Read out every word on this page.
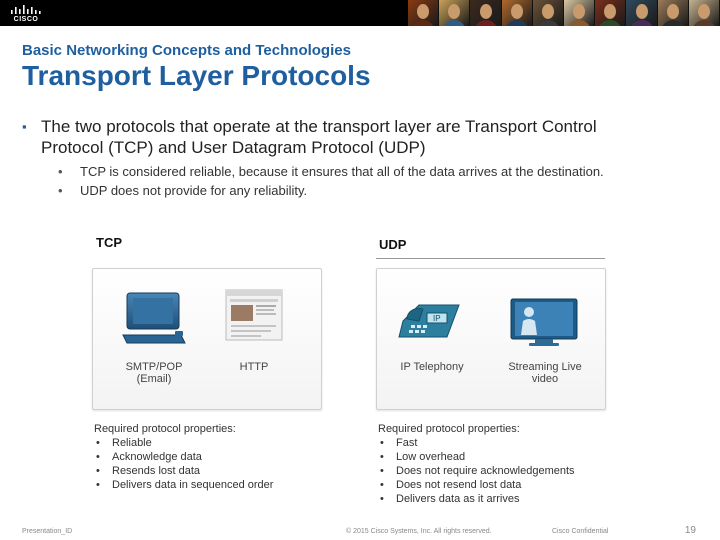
CISCO
Basic Networking Concepts and Technologies
Transport Layer Protocols
▪ The two protocols that operate at the transport layer are Transport Control Protocol (TCP) and User Datagram Protocol (UDP)
• TCP is considered reliable, because it ensures that all of the data arrives at the destination.
• UDP does not provide for any reliability.
TCP
SMTP/POP
(Email)
HTTP
Required protocol properties:
• Reliable
• Acknowledge data
• Resends lost data
• Delivers data in sequenced order
UDP
IP
IP Telephony	Streaming Live
video
Required protocol properties:
• Fast
• Low overhead
• Does not require acknowledgements
• Does not resend lost data
• Delivers data as it arrives
Presentation_ID	© 2015 Cisco Systems, Inc. All rights reserved.	Cisco Confidential	19
